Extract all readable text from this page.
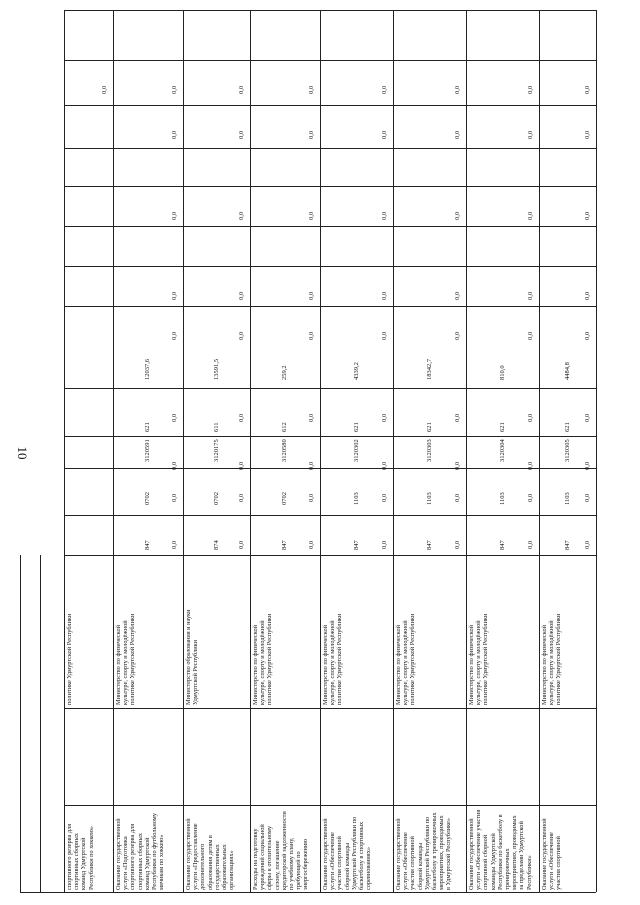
10
спортивного резерва для
спортивных сборных
команд Удмуртской
Республики по хоккею»
политике Удмуртской Республики
0,0
Оказание государственной
услуги «Подготовка
спортивного резерва для
спортивных сборных
команд Удмуртской
Республики по футбольному
мячикам по хоккею»
Министерство по физической
культуре, спорту и молодёжной
политике Удмуртской Республики
847
0702
3120591
621
12037,6
0,0
0,0
0,0
0,0
0,0
0,0
0,0
0,0
0,0
Оказание государственной
услуги «Предоставление
дополнительного
образования детям в
государственных
образовательных
организациях»
Министерство образования и науки
Удмуртской Республики
874
0702
3120175
611
13591,5
0,0
0,0
0,0
0,0
0,0
0,0
0,0
0,0
0,0
Расходы на подготовку
учреждений социальной
сферы к отопительному
сезону, погашение
кредиторской задолженности
по учебному плану,
требующей по
энергосбережению
Министерство по физической
культуре, спорту и молодёжной
политике Удмуртской Республики
847
0702
3120580
612
259,2
0,0
0,0
0,0
0,0
0,0
0,0
0,0
0,0
0,0
Оказание государственной
услуги «Обеспечение
участия спортивной
сборной команды
Удмуртской Республики по
баскетболу в спортивных
соревнованиях»
Министерство по физической
культуре, спорту и молодёжной
политике Удмуртской Республики
847
1103
3120302
621
4339,2
0,0
0,0
0,0
0,0
0,0
0,0
0,0
0,0
0,0
Оказание государственной
услуги «Обеспечение
участия спортивной
сборной команды
Удмуртской Республики по
баскетболу в тренировочных
мероприятиях, проводимых
в Удмуртской Республике»
Министерство по физической
культуре, спорту и молодёжной
политике Удмуртской Республики
847
1103
3120303
621
18342,7
0,0
0,0
0,0
0,0
0,0
0,0
0,0
0,0
0,0
Оказание государственной
услуги «Обеспечение участия
спортивной сборной
команды Удмуртской
Республики по баскетболу в
тренировочных
мероприятиях, проводимых
за пределами Удмуртской
Республики»
Министерство по физической
культуре, спорту и молодёжной
политике Удмуртской Республики
847
1103
3120304
621
810,0
0,0
0,0
0,0
0,0
0,0
0,0
0,0
0,0
0,0
Оказание государственной
услуги «Обеспечение
участия спортивной
Министерство по физической
культуре, спорту и молодёжной
политике Удмуртской Республики
847
1103
3120305
621
4484,8
0,0
0,0
0,0
0,0
0,0
0,0
0,0
0,0
0,0
